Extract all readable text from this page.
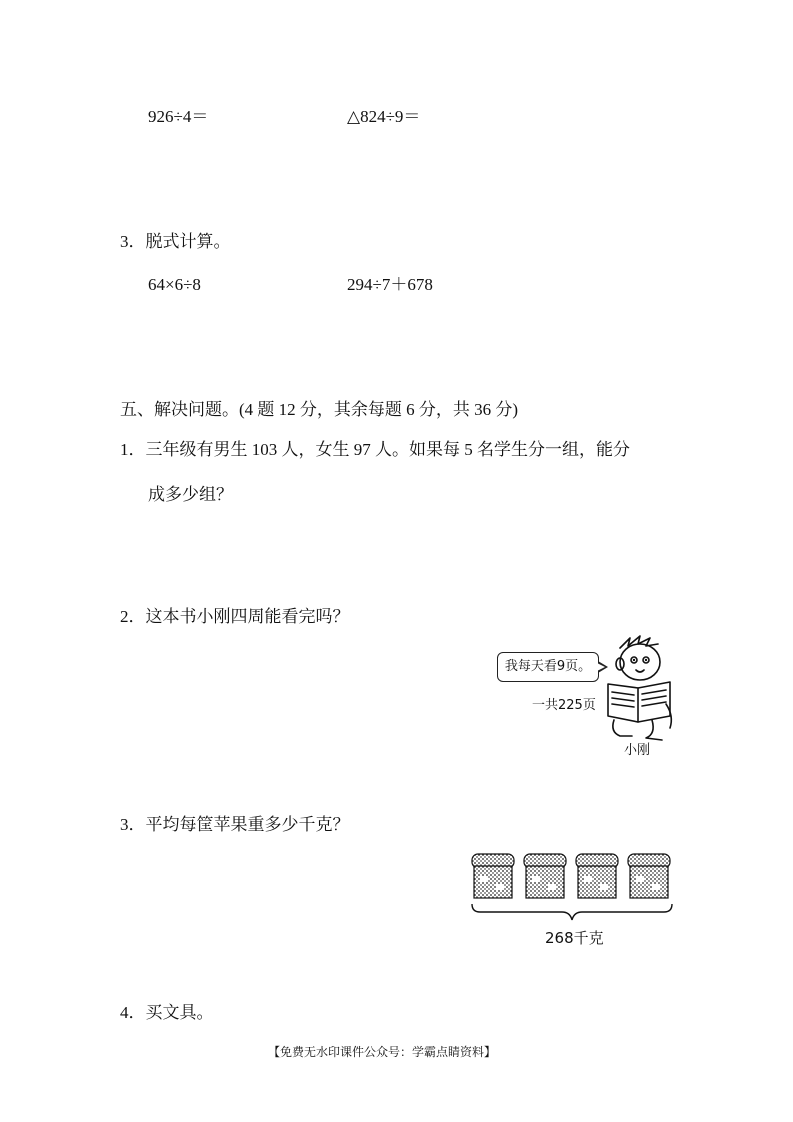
926÷4＝	△824÷9＝
3．脱式计算。
64×6÷8	294÷7＋678
五、解决问题。(4 题 12 分，其余每题 6 分，共 36 分)
1．三年级有男生 103 人，女生 97 人。如果每 5 名学生分一组，能分
成多少组？
2．这本书小刚四周能看完吗？
我每天看9页。
一共225页
小刚
3．平均每筐苹果重多少千克？
268千克
4．买文具。
【免费无水印课件公众号：学霸点睛资料】
